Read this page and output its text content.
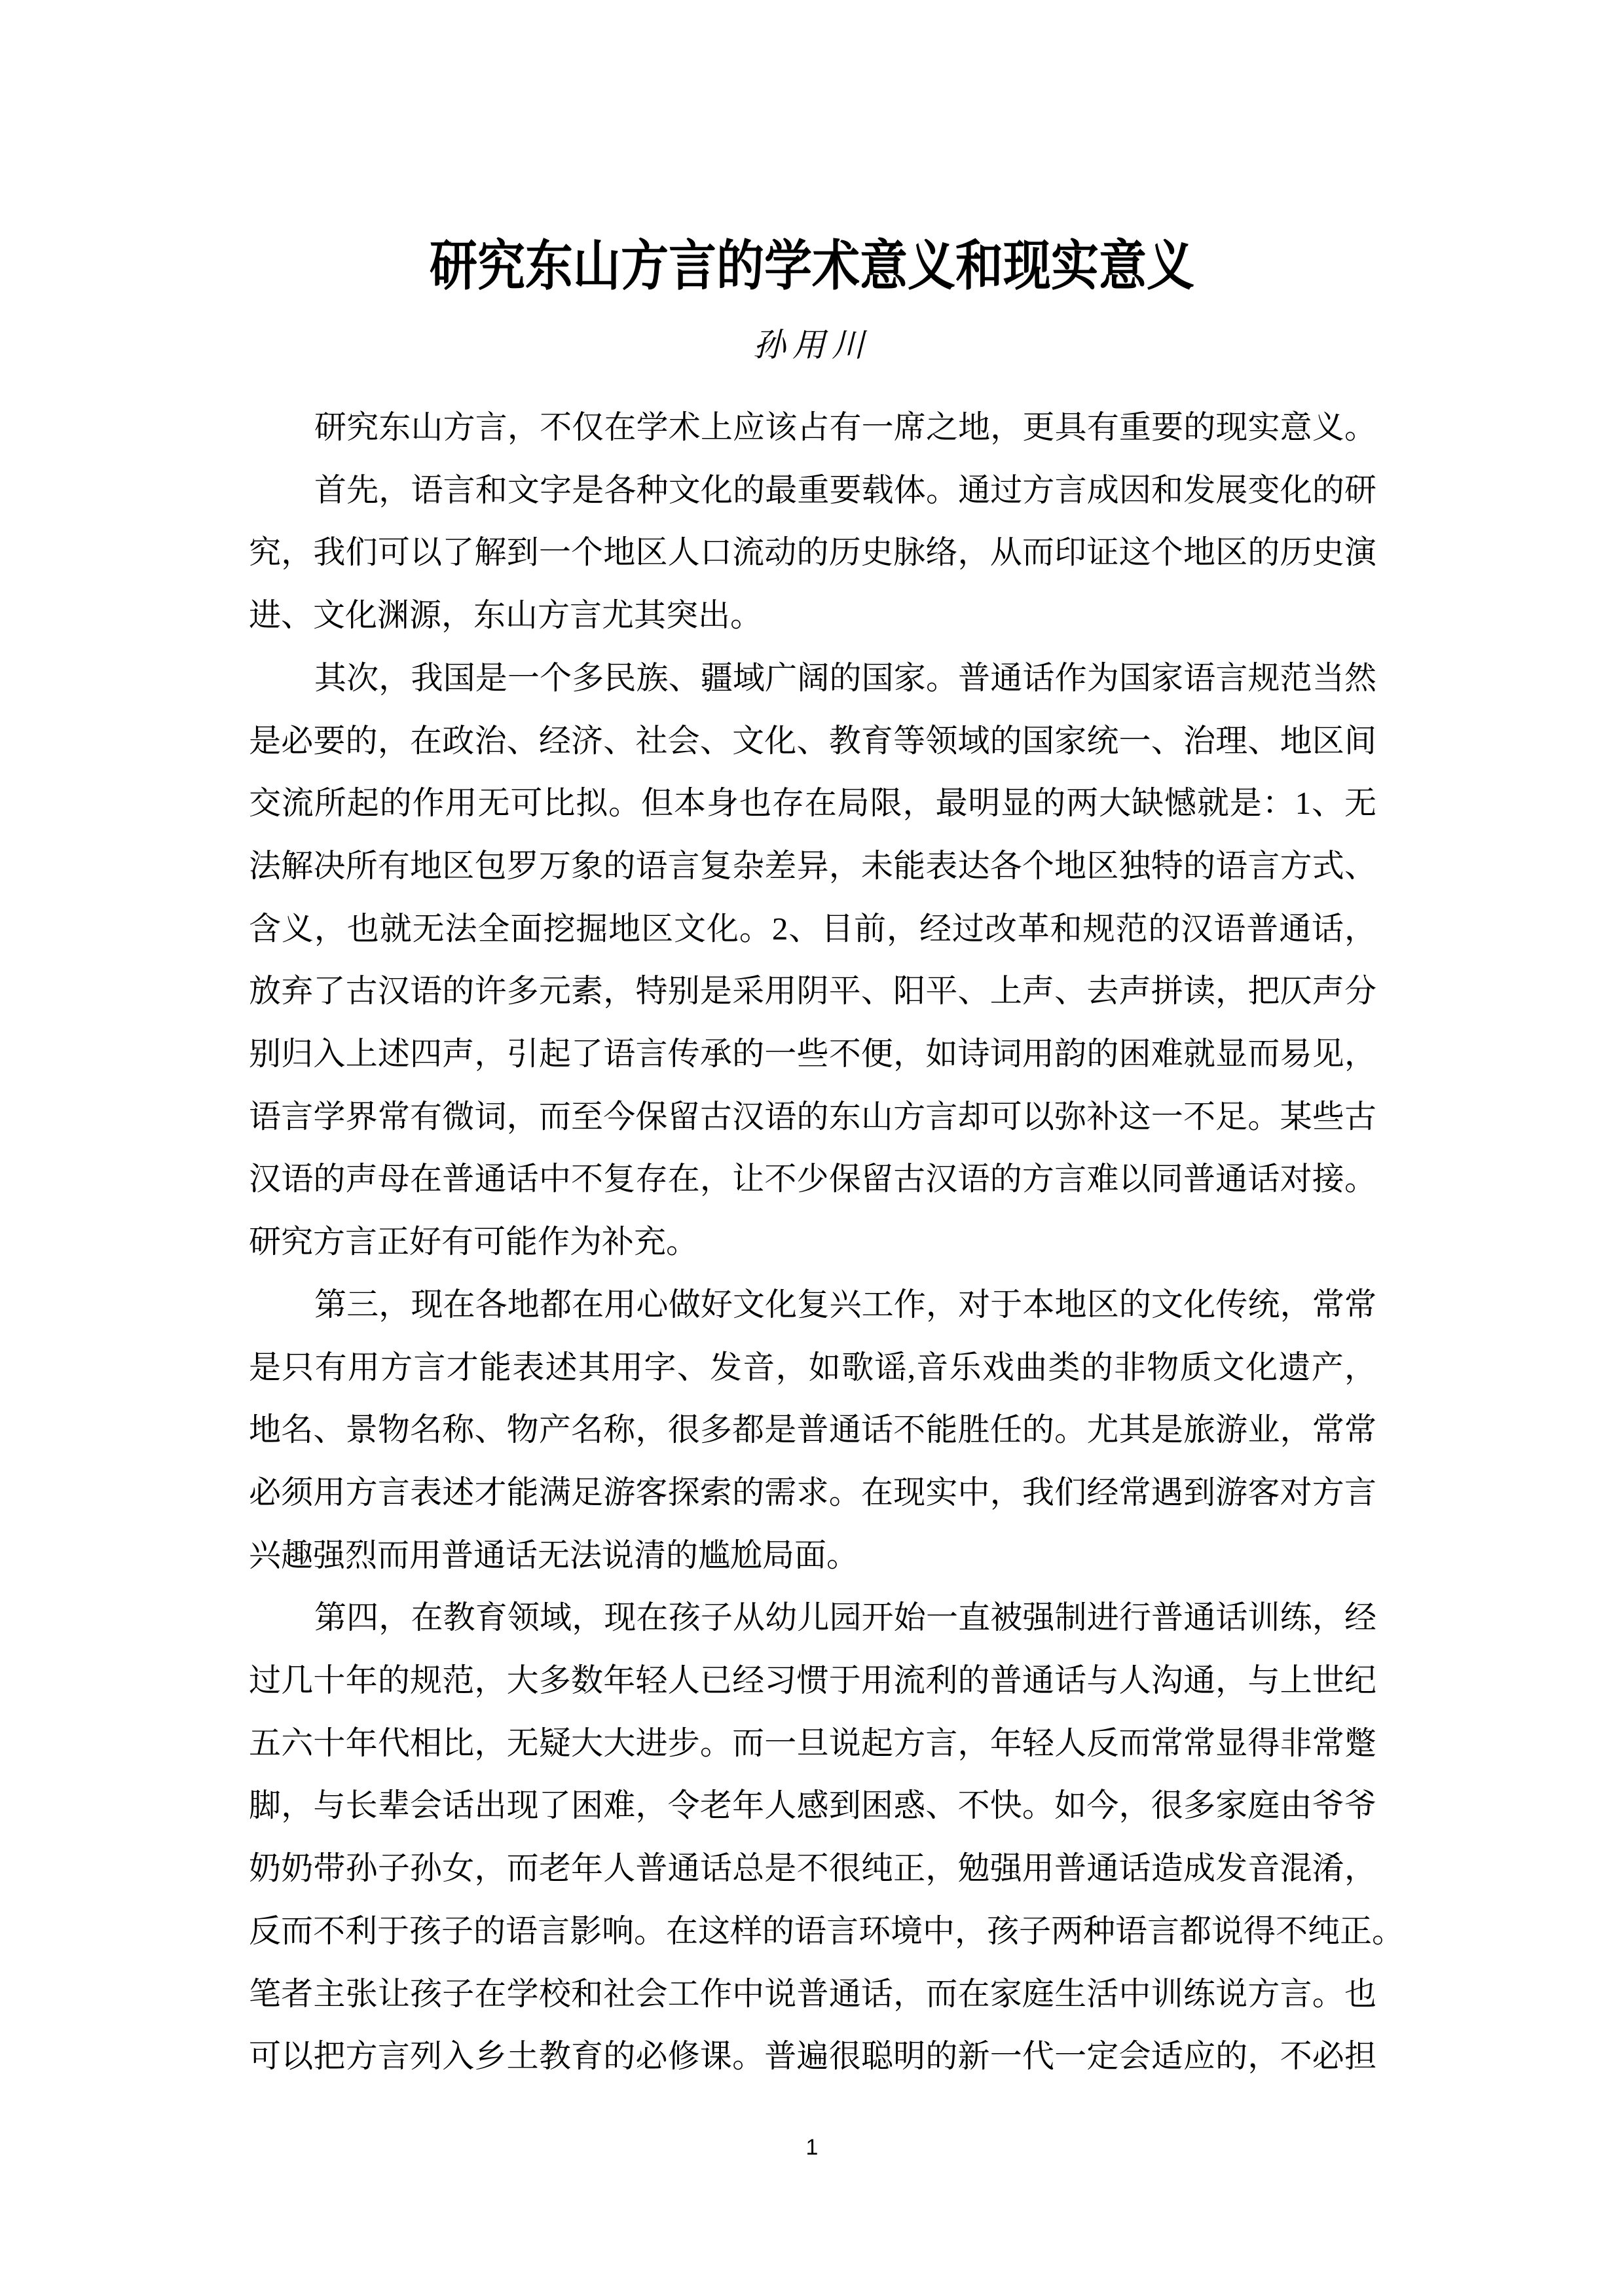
研究东山方言的学术意义和现实意义
孙用川
研究东山方言，不仅在学术上应该占有一席之地，更具有重要的现实意义。
首先，语言和文字是各种文化的最重要载体。通过方言成因和发展变化的研
究，我们可以了解到一个地区人口流动的历史脉络，从而印证这个地区的历史演
进、文化渊源，东山方言尤其突出。
其次，我国是一个多民族、疆域广阔的国家。普通话作为国家语言规范当然
是必要的，在政治、经济、社会、文化、教育等领域的国家统一、治理、地区间
交流所起的作用无可比拟。但本身也存在局限，最明显的两大缺憾就是：1、无
法解决所有地区包罗万象的语言复杂差异，未能表达各个地区独特的语言方式、
含义，也就无法全面挖掘地区文化。2、目前，经过改革和规范的汉语普通话，
放弃了古汉语的许多元素，特别是采用阴平、阳平、上声、去声拼读，把仄声分
别归入上述四声，引起了语言传承的一些不便，如诗词用韵的困难就显而易见，
语言学界常有微词，而至今保留古汉语的东山方言却可以弥补这一不足。某些古
汉语的声母在普通话中不复存在，让不少保留古汉语的方言难以同普通话对接。
研究方言正好有可能作为补充。
第三，现在各地都在用心做好文化复兴工作，对于本地区的文化传统，常常
是只有用方言才能表述其用字、发音，如歌谣,音乐戏曲类的非物质文化遗产，
地名、景物名称、物产名称，很多都是普通话不能胜任的。尤其是旅游业，常常
必须用方言表述才能满足游客探索的需求。在现实中，我们经常遇到游客对方言
兴趣强烈而用普通话无法说清的尴尬局面。
第四，在教育领域，现在孩子从幼儿园开始一直被强制进行普通话训练，经
过几十年的规范，大多数年轻人已经习惯于用流利的普通话与人沟通，与上世纪
五六十年代相比，无疑大大进步。而一旦说起方言，年轻人反而常常显得非常蹩
脚，与长辈会话出现了困难，令老年人感到困惑、不快。如今，很多家庭由爷爷
奶奶带孙子孙女，而老年人普通话总是不很纯正，勉强用普通话造成发音混淆，
反而不利于孩子的语言影响。在这样的语言环境中，孩子两种语言都说得不纯正。
笔者主张让孩子在学校和社会工作中说普通话，而在家庭生活中训练说方言。也
可以把方言列入乡土教育的必修课。普遍很聪明的新一代一定会适应的，不必担
1
